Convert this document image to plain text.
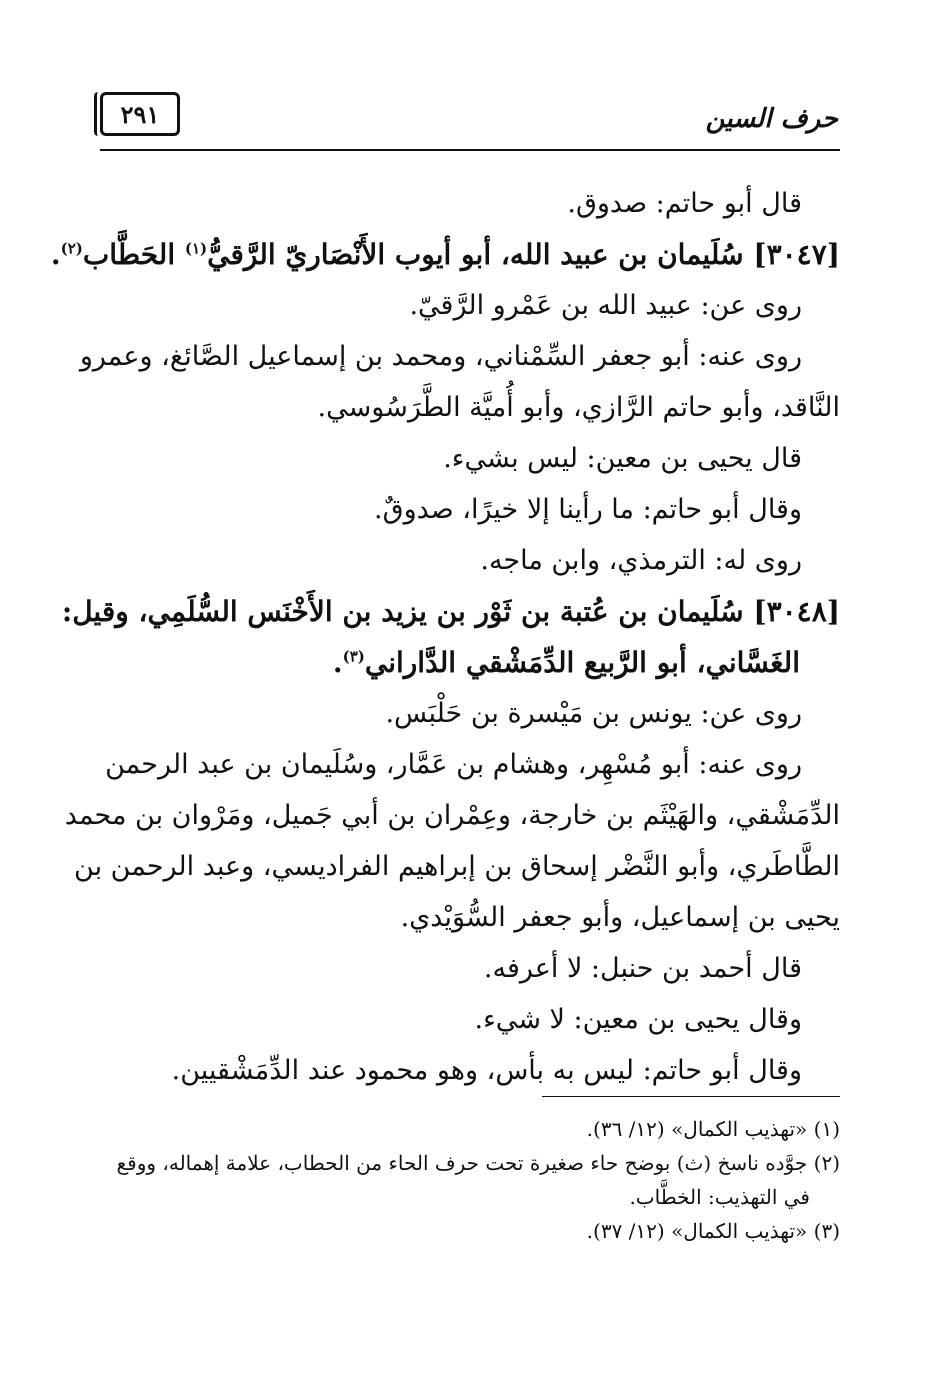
٢٩١	حرف السين

قال أبو حاتم: صدوق.

[٣٠٤٧] سُلَيمان بن عبيد الله، أبو أيوب الأَنْصَاريّ الرَّقيُّ$^{(١)}$ الحَطَّاب$^{(٢)}$.

روى عن: عبيد الله بن عَمْرو الرَّقيّ.

روى عنه: أبو جعفر السِّمْناني، ومحمد بن إسماعيل الصَّائغ، وعمرو

النَّاقد، وأبو حاتم الرَّازي، وأبو أُميَّة الطَّرَسُوسي.

قال يحيى بن معين: ليس بشيء.

وقال أبو حاتم: ما رأينا إلا خيرًا، صدوقٌ.

روى له: الترمذي، وابن ماجه.

[٣٠٤٨] سُلَيمان بن عُتبة بن ثَوْر بن يزيد بن الأَخْنَس السُّلَمِي، وقيل:

الغَسَّاني، أبو الرَّبيع الدِّمَشْقي الدَّاراني$^{(٣)}$.

روى عن: يونس بن مَيْسرة بن حَلْبَس.

روى عنه: أبو مُسْهِر، وهشام بن عَمَّار، وسُلَيمان بن عبد الرحمن

الدِّمَشْقي، والهَيْثَم بن خارجة، وعِمْران بن أبي جَميل، ومَرْوان بن محمد

الطَّاطَري، وأبو النَّضْر إسحاق بن إبراهيم الفراديسي، وعبد الرحمن بن

يحيى بن إسماعيل، وأبو جعفر السُّوَيْدي.

قال أحمد بن حنبل: لا أعرفه.

وقال يحيى بن معين: لا شيء.

وقال أبو حاتم: ليس به بأس، وهو محمود عند الدِّمَشْقيين.

(١) «تهذيب الكمال» (١٢/ ٣٦).

(٢) جوَّده ناسخ (ث) بوضح حاء صغيرة تحت حرف الحاء من الحطاب، علامة إهماله، ووقع

في التهذيب: الخطَّاب.

(٣) «تهذيب الكمال» (١٢/ ٣٧).
